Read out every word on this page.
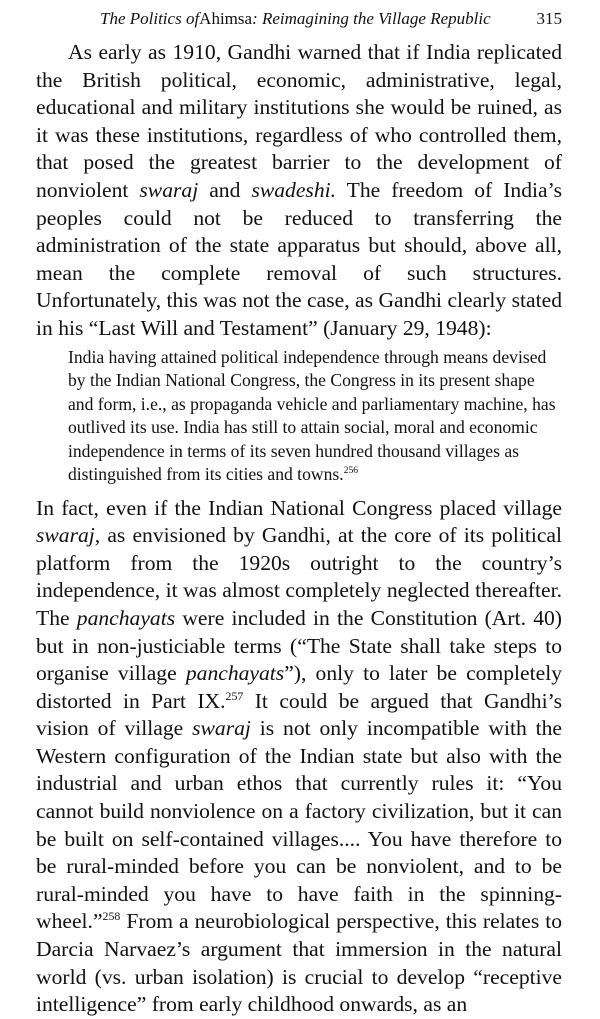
The Politics ofAhimsa: Reimagining the Village Republic	315

As early as 1910, Gandhi warned that if India replicated the British political, economic, administrative, legal, educational and military institutions she would be ruined, as it was these institutions, regardless of who controlled them, that posed the greatest barrier to the development of nonviolent swaraj and swadeshi. The freedom of India’s peoples could not be reduced to transferring the administration of the state apparatus but should, above all, mean the complete removal of such structures. Unfortunately, this was not the case, as Gandhi clearly stated in his “Last Will and Testament” (January 29, 1948):

India having attained political independence through means devised by the Indian National Congress, the Congress in its present shape and form, i.e., as propaganda vehicle and parliamentary machine, has outlived its use. India has still to attain social, moral and economic independence in terms of its seven hundred thousand villages as distinguished from its cities and towns.$^{256}$

In fact, even if the Indian National Congress placed village swaraj, as envisioned by Gandhi, at the core of its political platform from the 1920s outright to the country’s independence, it was almost completely neglected thereafter. The panchayats were included in the Constitution (Art. 40) but in non-justiciable terms (“The State shall take steps to organise village panchayats”), only to later be completely distorted in Part IX.$^{257}$ It could be argued that Gandhi’s vision of village swaraj is not only incompatible with the Western configuration of the Indian state but also with the industrial and urban ethos that currently rules it: “You cannot build nonviolence on a factory civilization, but it can be built on self-contained villages.... You have therefore to be rural-minded before you can be nonviolent, and to be rural-minded you have to have faith in the spinning-wheel.”$^{258}$ From a neurobiological perspective, this relates to Darcia Narvaez’s argument that immersion in the natural world (vs. urban isolation) is crucial to develop “receptive intelligence” from early childhood onwards, as an
